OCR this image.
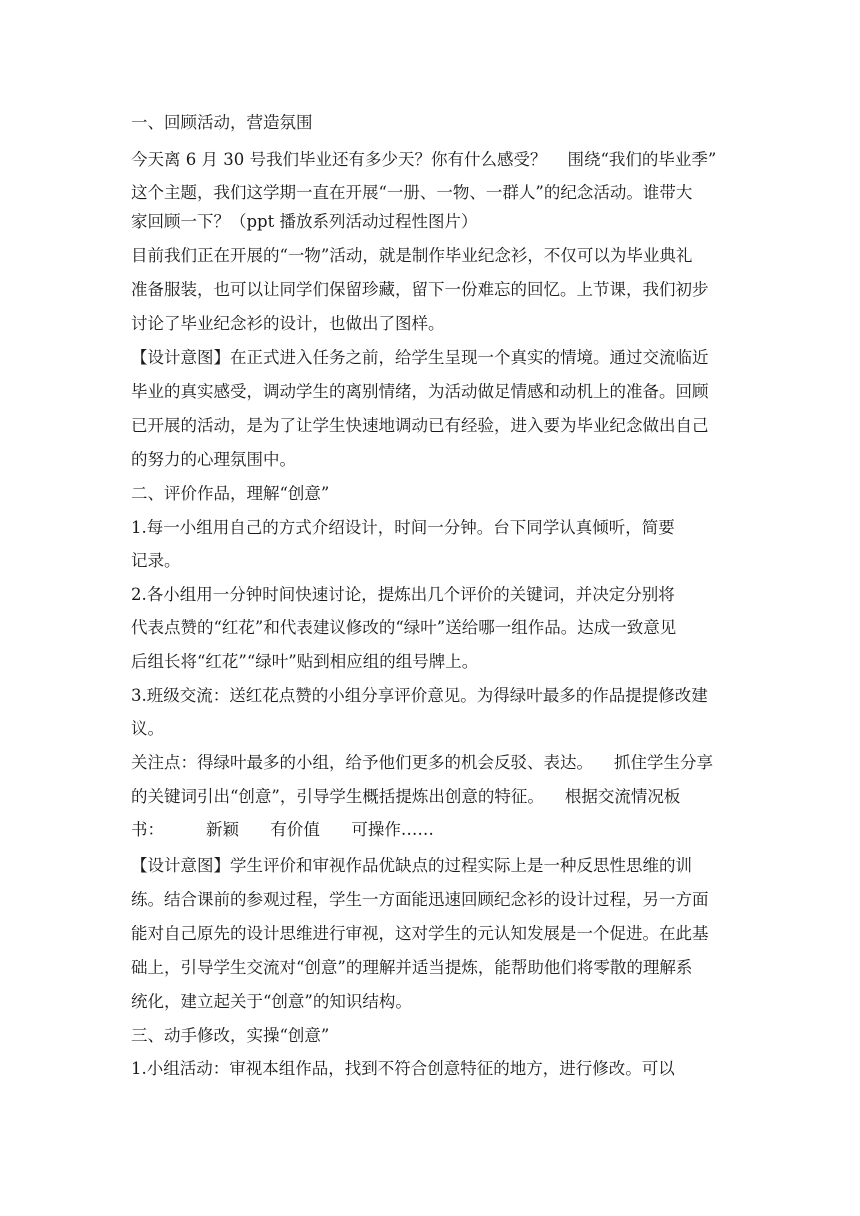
一、回顾活动，营造氛围
今天离 6 月 30 号我们毕业还有多少天？你有什么感受？    围绕“我们的毕业季”
这个主题，我们这学期一直在开展“一册、一物、一群人”的纪念活动。谁带大
家回顾一下？（ppt 播放系列活动过程性图片）
目前我们正在开展的“一物”活动，就是制作毕业纪念衫，不仅可以为毕业典礼
准备服装，也可以让同学们保留珍藏，留下一份难忘的回忆。上节课，我们初步
讨论了毕业纪念衫的设计，也做出了图样。
【设计意图】在正式进入任务之前，给学生呈现一个真实的情境。通过交流临近
毕业的真实感受，调动学生的离别情绪，为活动做足情感和动机上的准备。回顾
已开展的活动，是为了让学生快速地调动已有经验，进入要为毕业纪念做出自己
的努力的心理氛围中。
二、评价作品，理解“创意”
1.每一小组用自己的方式介绍设计，时间一分钟。台下同学认真倾听，简要
记录。
2.各小组用一分钟时间快速讨论，提炼出几个评价的关键词，并决定分别将
代表点赞的“红花”和代表建议修改的“绿叶”送给哪一组作品。达成一致意见
后组长将“红花”“绿叶”贴到相应组的组号牌上。
3.班级交流：送红花点赞的小组分享评价意见。为得绿叶最多的作品提提修改建
议。
关注点：得绿叶最多的小组，给予他们更多的机会反驳、表达。    抓住学生分享
的关键词引出“创意”，引导学生概括提炼出创意的特征。    根据交流情况板
书：        新颖      有价值      可操作……
【设计意图】学生评价和审视作品优缺点的过程实际上是一种反思性思维的训
练。结合课前的参观过程，学生一方面能迅速回顾纪念衫的设计过程，另一方面
能对自己原先的设计思维进行审视，这对学生的元认知发展是一个促进。在此基
础上，引导学生交流对“创意”的理解并适当提炼，能帮助他们将零散的理解系
统化，建立起关于“创意”的知识结构。
三、动手修改，实操“创意”
1.小组活动：审视本组作品，找到不符合创意特征的地方，进行修改。可以
